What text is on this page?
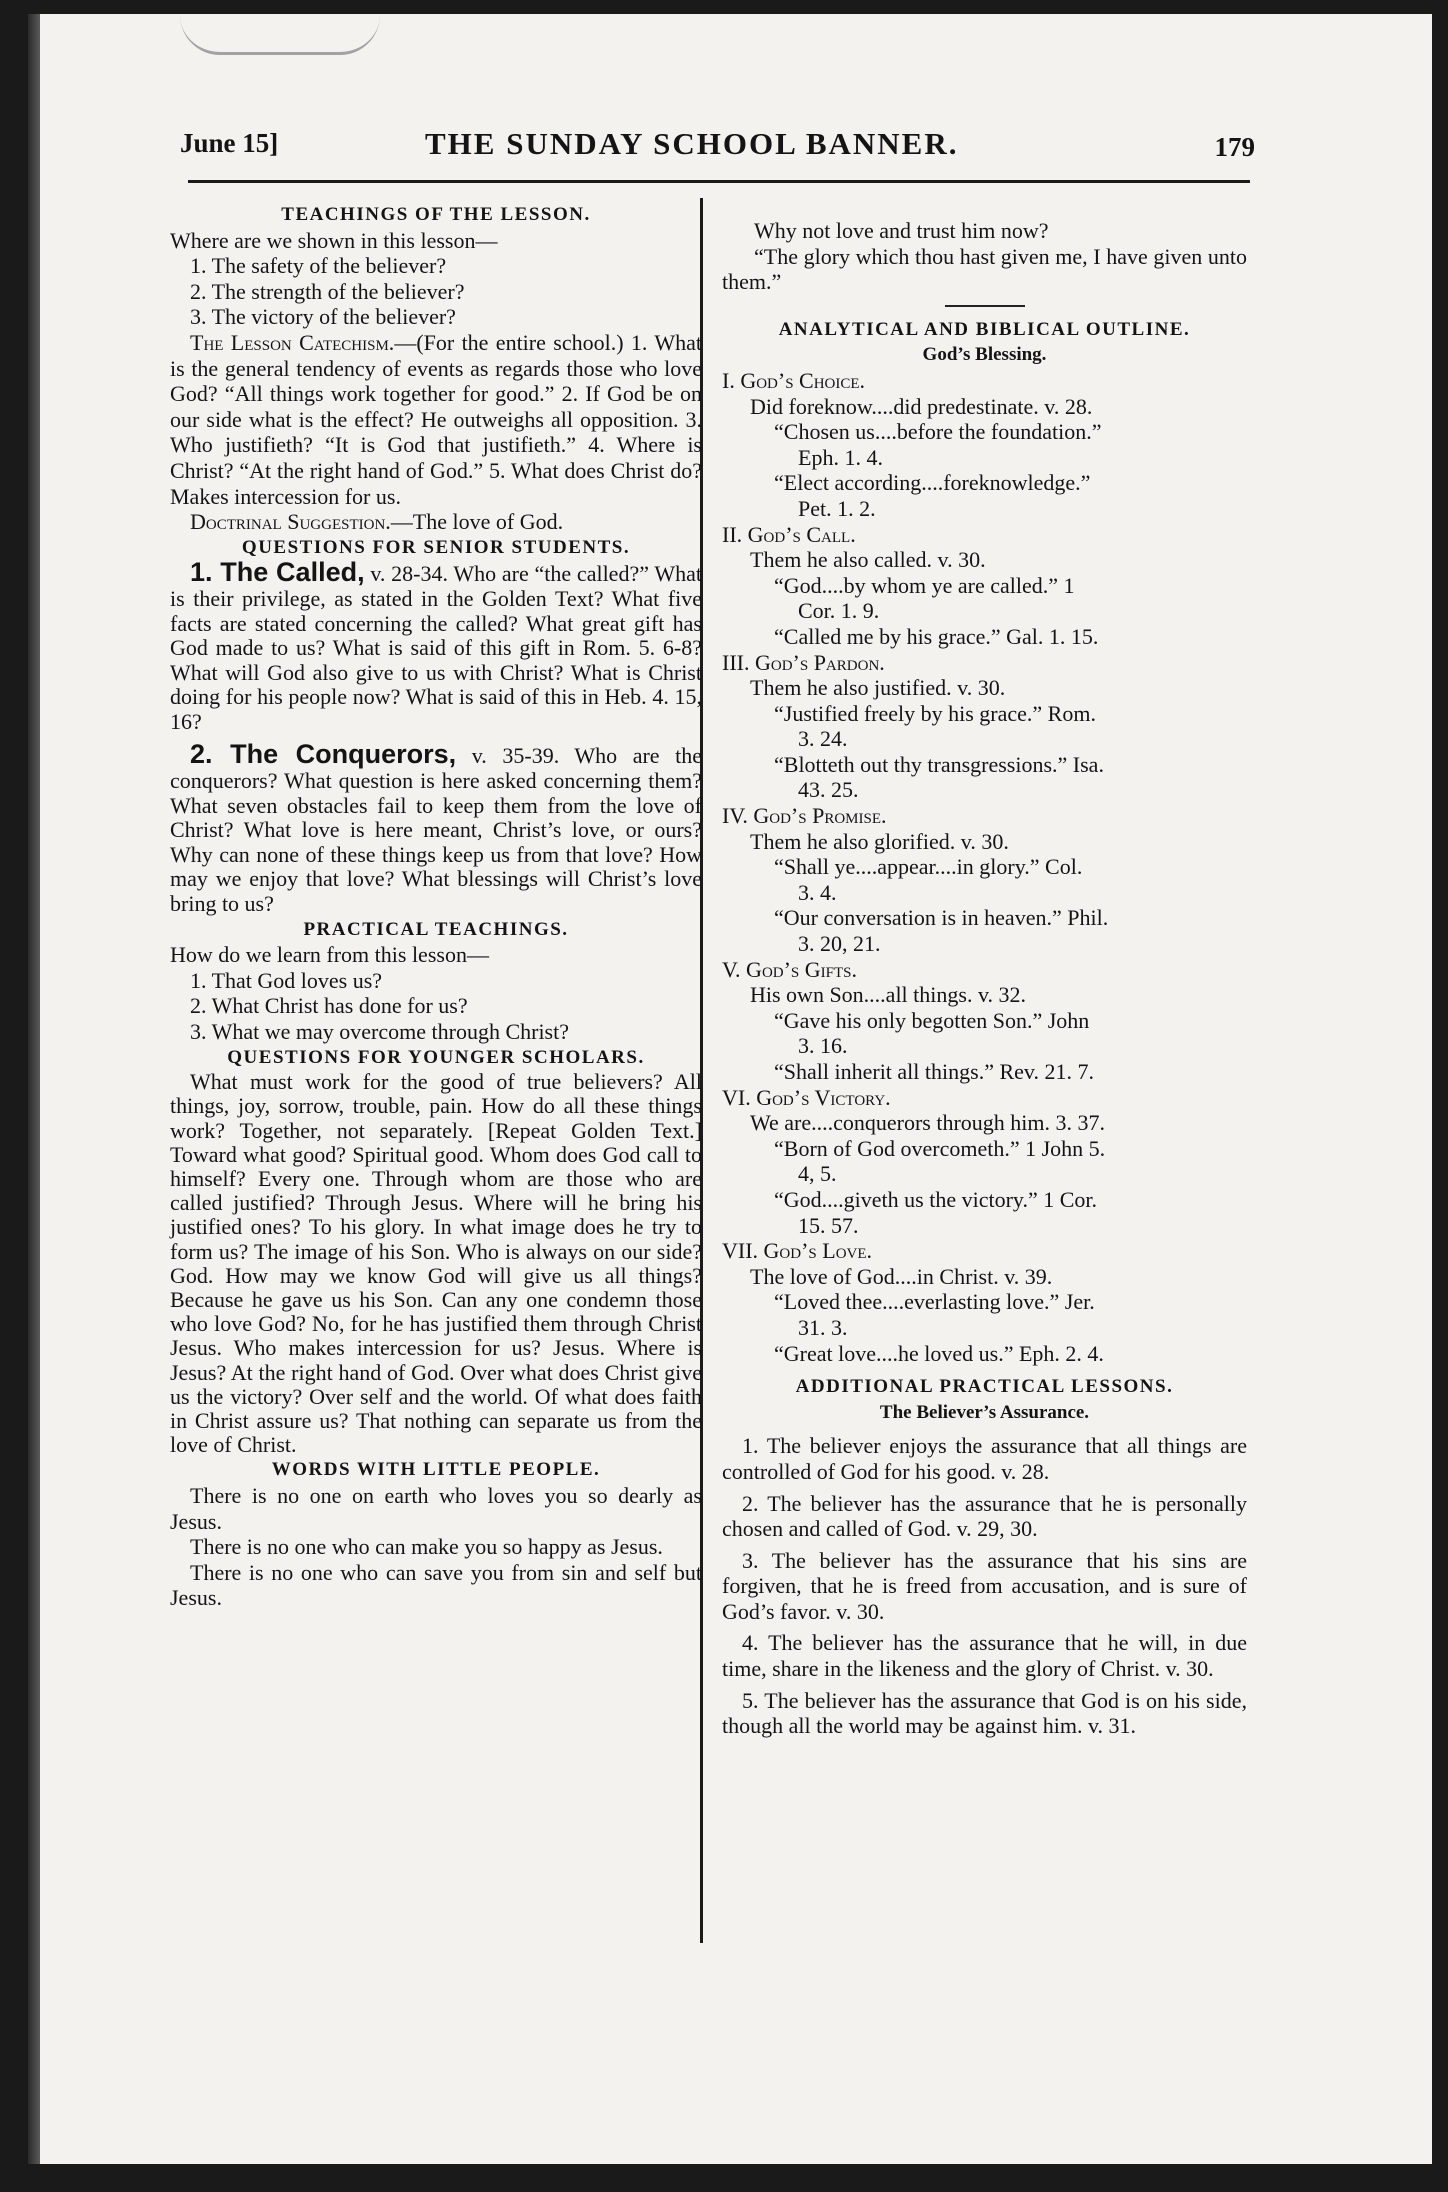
June 15]	THE SUNDAY SCHOOL BANNER.	179

TEACHINGS OF THE LESSON.

Where are we shown in this lesson—

1. The safety of the believer?

2. The strength of the believer?

3. The victory of the believer?

The Lesson Catechism.—(For the entire school.) 1. What is the general tendency of events as regards those who love God? “All things work together for good.” 2. If God be on our side what is the effect? He outweighs all opposition. 3. Who justifieth? “It is God that justifieth.” 4. Where is Christ? “At the right hand of God.” 5. What does Christ do? Makes intercession for us.

Doctrinal Suggestion.—The love of God.

QUESTIONS FOR SENIOR STUDENTS.

1. The Called, v. 28-34. Who are “the called?” What is their privilege, as stated in the Golden Text? What five facts are stated concerning the called? What great gift has God made to us? What is said of this gift in Rom. 5. 6-8? What will God also give to us with Christ? What is Christ doing for his people now? What is said of this in Heb. 4. 15, 16?

2. The Conquerors, v. 35-39. Who are the conquerors? What question is here asked concerning them? What seven obstacles fail to keep them from the love of Christ? What love is here meant, Christ’s love, or ours? Why can none of these things keep us from that love? How may we enjoy that love? What blessings will Christ’s love bring to us?

PRACTICAL TEACHINGS.

How do we learn from this lesson—

1. That God loves us?

2. What Christ has done for us?

3. What we may overcome through Christ?

QUESTIONS FOR YOUNGER SCHOLARS.

What must work for the good of true believers? All things, joy, sorrow, trouble, pain. How do all these things work? Together, not separately. [Repeat Golden Text.] Toward what good? Spiritual good. Whom does God call to himself? Every one. Through whom are those who are called justified? Through Jesus. Where will he bring his justified ones? To his glory. In what image does he try to form us? The image of his Son. Who is always on our side? God. How may we know God will give us all things? Because he gave us his Son. Can any one condemn those who love God? No, for he has justified them through Christ Jesus. Who makes intercession for us? Jesus. Where is Jesus? At the right hand of God. Over what does Christ give us the victory? Over self and the world. Of what does faith in Christ assure us? That nothing can separate us from the love of Christ.

WORDS WITH LITTLE PEOPLE.

There is no one on earth who loves you so dearly as Jesus.

There is no one who can make you so happy as Jesus.

There is no one who can save you from sin and self but Jesus.

Why not love and trust him now?

“The glory which thou hast given me, I have given unto them.”

ANALYTICAL AND BIBLICAL OUTLINE.

God’s Blessing.

I. God’s Choice.

Did foreknow....did predestinate. v. 28.

“Chosen us....before the foundation.”

Eph. 1. 4.

“Elect according....foreknowledge.”

Pet. 1. 2.

II. God’s Call.

Them he also called. v. 30.

“God....by whom ye are called.” 1

Cor. 1. 9.

“Called me by his grace.” Gal. 1. 15.

III. God’s Pardon.

Them he also justified. v. 30.

“Justified freely by his grace.” Rom.

3. 24.

“Blotteth out thy transgressions.” Isa.

43. 25.

IV. God’s Promise.

Them he also glorified. v. 30.

“Shall ye....appear....in glory.” Col.

3. 4.

“Our conversation is in heaven.” Phil.

3. 20, 21.

V. God’s Gifts.

His own Son....all things. v. 32.

“Gave his only begotten Son.” John

3. 16.

“Shall inherit all things.” Rev. 21. 7.

VI. God’s Victory.

We are....conquerors through him. 3. 37.

“Born of God overcometh.” 1 John 5.

4, 5.

“God....giveth us the victory.” 1 Cor.

15. 57.

VII. God’s Love.

The love of God....in Christ. v. 39.

“Loved thee....everlasting love.” Jer.

31. 3.

“Great love....he loved us.” Eph. 2. 4.

ADDITIONAL PRACTICAL LESSONS.

The Believer’s Assurance.

1. The believer enjoys the assurance that all things are controlled of God for his good. v. 28.

2. The believer has the assurance that he is personally chosen and called of God. v. 29, 30.

3. The believer has the assurance that his sins are forgiven, that he is freed from accusation, and is sure of God’s favor. v. 30.

4. The believer has the assurance that he will, in due time, share in the likeness and the glory of Christ. v. 30.

5. The believer has the assurance that God is on his side, though all the world may be against him. v. 31.
